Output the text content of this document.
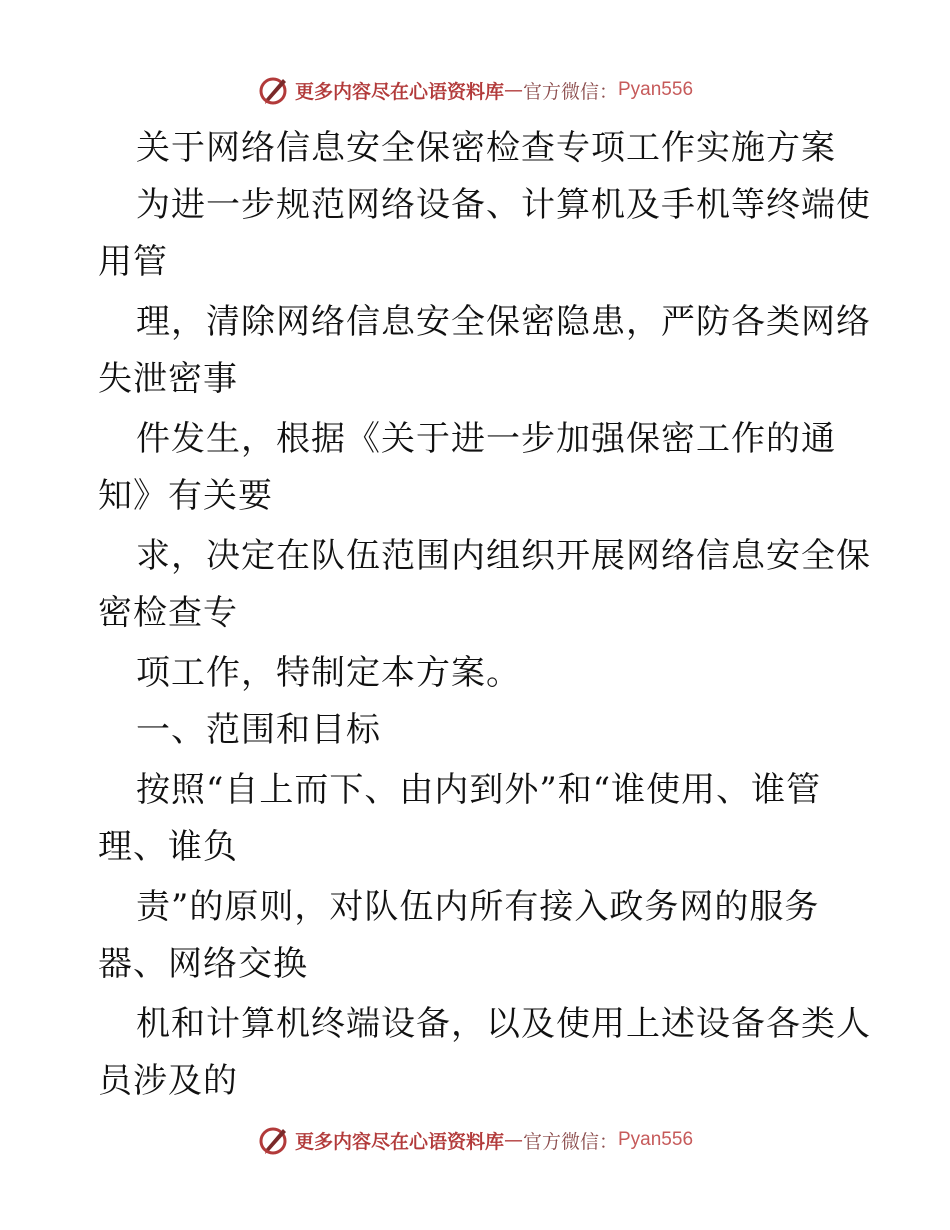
更多内容尽在心语资料库 — 官方微信： Pyan556
关于网络信息安全保密检查专项工作实施方案
为进一步规范网络设备、计算机及手机等终端使
用管
理，清除网络信息安全保密隐患，严防各类网络
失泄密事
件发生，根据《关于进一步加强保密工作的通
知》有关要
求，决定在队伍范围内组织开展网络信息安全保
密检查专
项工作，特制定本方案。
一、范围和目标
按照“自上而下、由内到外”和“谁使用、谁管
理、谁负
责”的原则，对队伍内所有接入政务网的服务
器、网络交换
机和计算机终端设备，以及使用上述设备各类人
员涉及的
更多内容尽在心语资料库 — 官方微信： Pyan556
